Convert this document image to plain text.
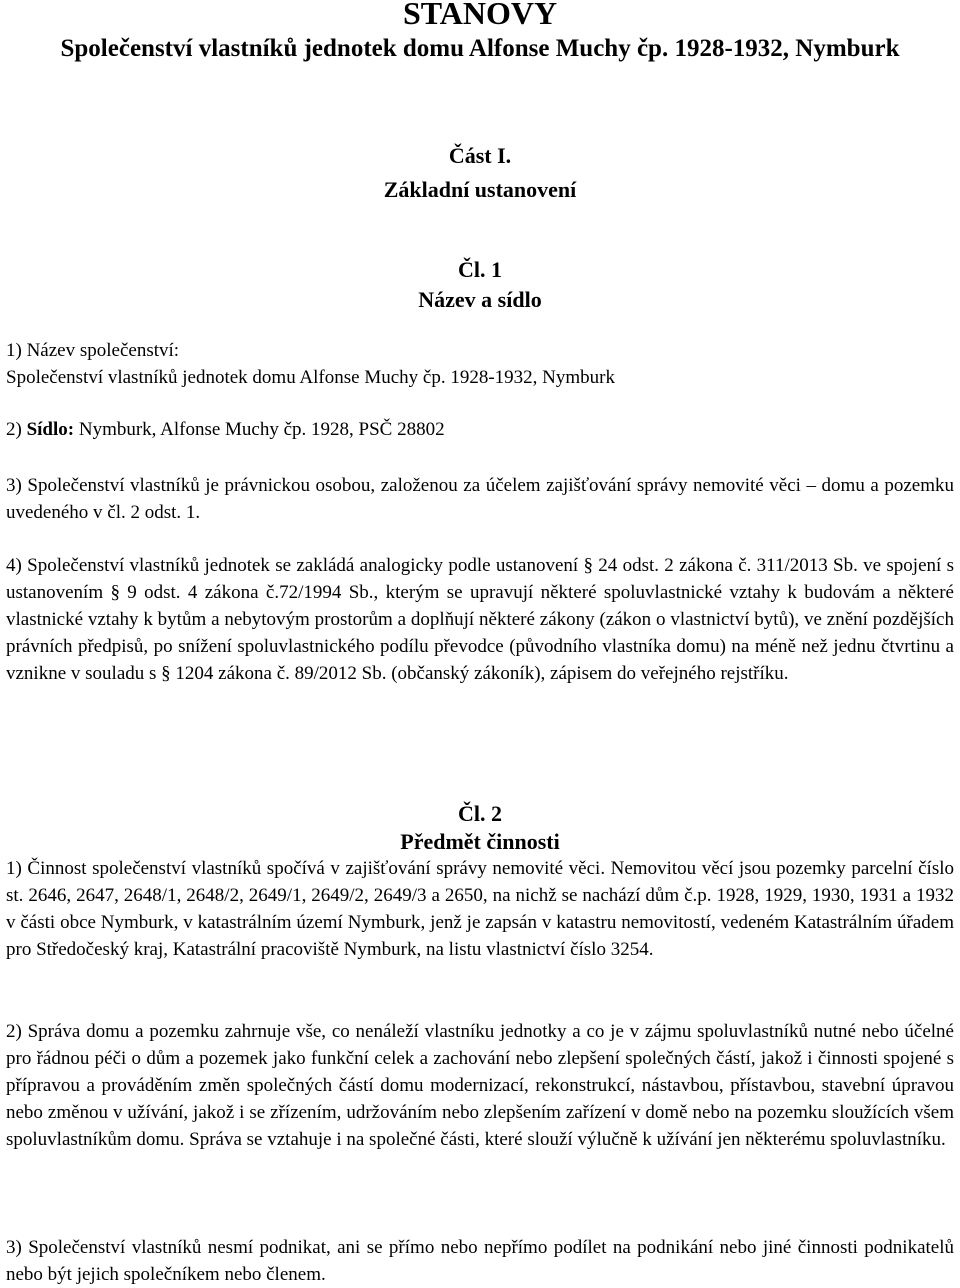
STANOVY
Společenství vlastníků jednotek domu Alfonse Muchy čp. 1928-1932, Nymburk
Část I.
Základní ustanovení
Čl. 1
Název a sídlo
1) Název společenství:
Společenství vlastníků jednotek domu Alfonse Muchy čp. 1928-1932, Nymburk
2) Sídlo: Nymburk, Alfonse Muchy čp. 1928, PSČ 28802
3) Společenství vlastníků je právnickou osobou, založenou za účelem zajišťování správy nemovité věci – domu a pozemku uvedeného v čl. 2 odst. 1.
4) Společenství vlastníků jednotek se zakládá analogicky podle ustanovení § 24 odst. 2 zákona č. 311/2013 Sb. ve spojení s ustanovením § 9 odst. 4 zákona č.72/1994 Sb., kterým se upravují některé spoluvlastnické vztahy k budovám a některé vlastnické vztahy k bytům a nebytovým prostorům a doplňují některé zákony (zákon o vlastnictví bytů), ve znění pozdějších právních předpisů, po snížení spoluvlastnického podílu převodce (původního vlastníka domu) na méně než jednu čtvrtinu a vznikne v souladu s § 1204 zákona č. 89/2012 Sb. (občanský zákoník), zápisem do veřejného rejstříku.
Čl. 2
Předmět činnosti
1) Činnost společenství vlastníků spočívá v zajišťování správy nemovité věci. Nemovitou věcí jsou pozemky parcelní číslo st. 2646, 2647, 2648/1, 2648/2, 2649/1, 2649/2, 2649/3 a 2650, na nichž se nachází dům č.p. 1928, 1929, 1930, 1931 a 1932 v části obce Nymburk, v katastrálním území Nymburk, jenž je zapsán v katastru nemovitostí, vedeném Katastrálním úřadem pro Středočeský kraj, Katastrální pracoviště Nymburk, na listu vlastnictví číslo 3254.
2) Správa domu a pozemku zahrnuje vše, co nenáleží vlastníku jednotky a co je v zájmu spoluvlastníků nutné nebo účelné pro řádnou péči o dům a pozemek jako funkční celek a zachování nebo zlepšení společných částí, jakož i činnosti spojené s přípravou a prováděním změn společných částí domu modernizací, rekonstrukcí, nástavbou, přístavbou, stavební úpravou nebo změnou v užívání, jakož i se zřízením, udržováním nebo zlepšením zařízení v domě nebo na pozemku sloužících všem spoluvlastníkům domu. Správa se vztahuje i na společné části, které slouží výlučně k užívání jen některému spoluvlastníku.
3) Společenství vlastníků nesmí podnikat, ani se přímo nebo nepřímo podílet na podnikání nebo jiné činnosti podnikatelů nebo být jejich společníkem nebo členem.
